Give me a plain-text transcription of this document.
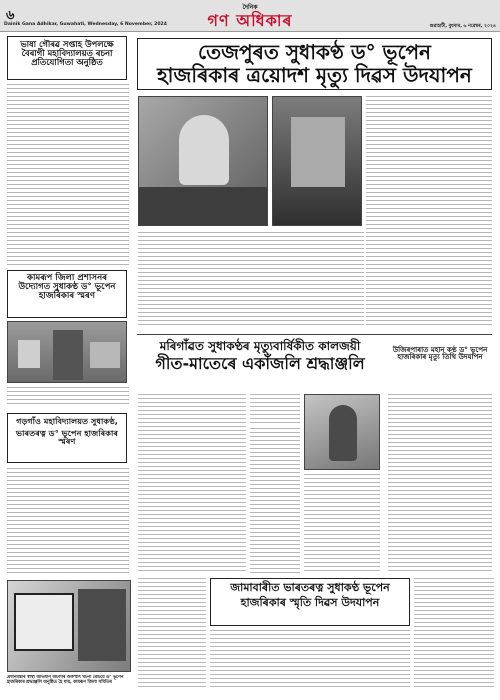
৬
Dainik Gana Adhikar, Guwahati, Wednesday, 6 November, 2024
দৈনিক
গণ অধিকাৰ	গুৱাহাটী, বুধবাৰ, ৬ নৱেম্বৰ, ২০২৪
ভাষা গৌৰৱ সপ্তাহ উপলক্ষে বৈৰাগী মহাবিদ্যালয়ত ৰচনা প্ৰতিযোগিতা অনুষ্ঠিত
কামৰূপ জিলা প্ৰশাসনৰ উদ্যোগত সুধাকণ্ঠ ড° ভূপেন হাজৰিকাৰ স্মৰণ
তেজপুৰত সুধাকণ্ঠ ড° ভূপেন
হাজৰিকাৰ ত্ৰয়োদশ মৃত্যু দিৱস উদযাপন
মৰিগাঁৱত সুধাকণ্ঠৰ মৃত্যুবাৰ্ষিকীত কালজয়ী
গীত-মাতেৰে একাঁজলি শ্ৰদ্ধাঞ্জলি
উজিৰপাৰাত মহান কণ্ঠ ড° ভূপেন হাজৰিকাৰ মৃত্যু তিথি উদযাপন
গড়গাঁও মহাবিদ্যালয়ত সুধাকণ্ঠ,
ভাৰতৰত্ন ড° ভূপেন হাজৰিকাৰ স্মৰণ
জামাবাৰীত ভাৰতৰত্ন সুধাকণ্ঠ ভূপেন
হাজৰিকাৰ স্মৃতি দিৱস উদযাপন
প্ৰধানমন্ত্ৰীৰ স্বাস্থ্য অভিযান অটলাৰ অকস্মাৎ ঘটনা ৰেচিয়ে ড° ভূপেন হাজৰিকাৰ শ্ৰদ্ধাঞ্জলি অনুষ্ঠিত হৈ যায়, কামৰূপ জিলা সমিতিৰ
